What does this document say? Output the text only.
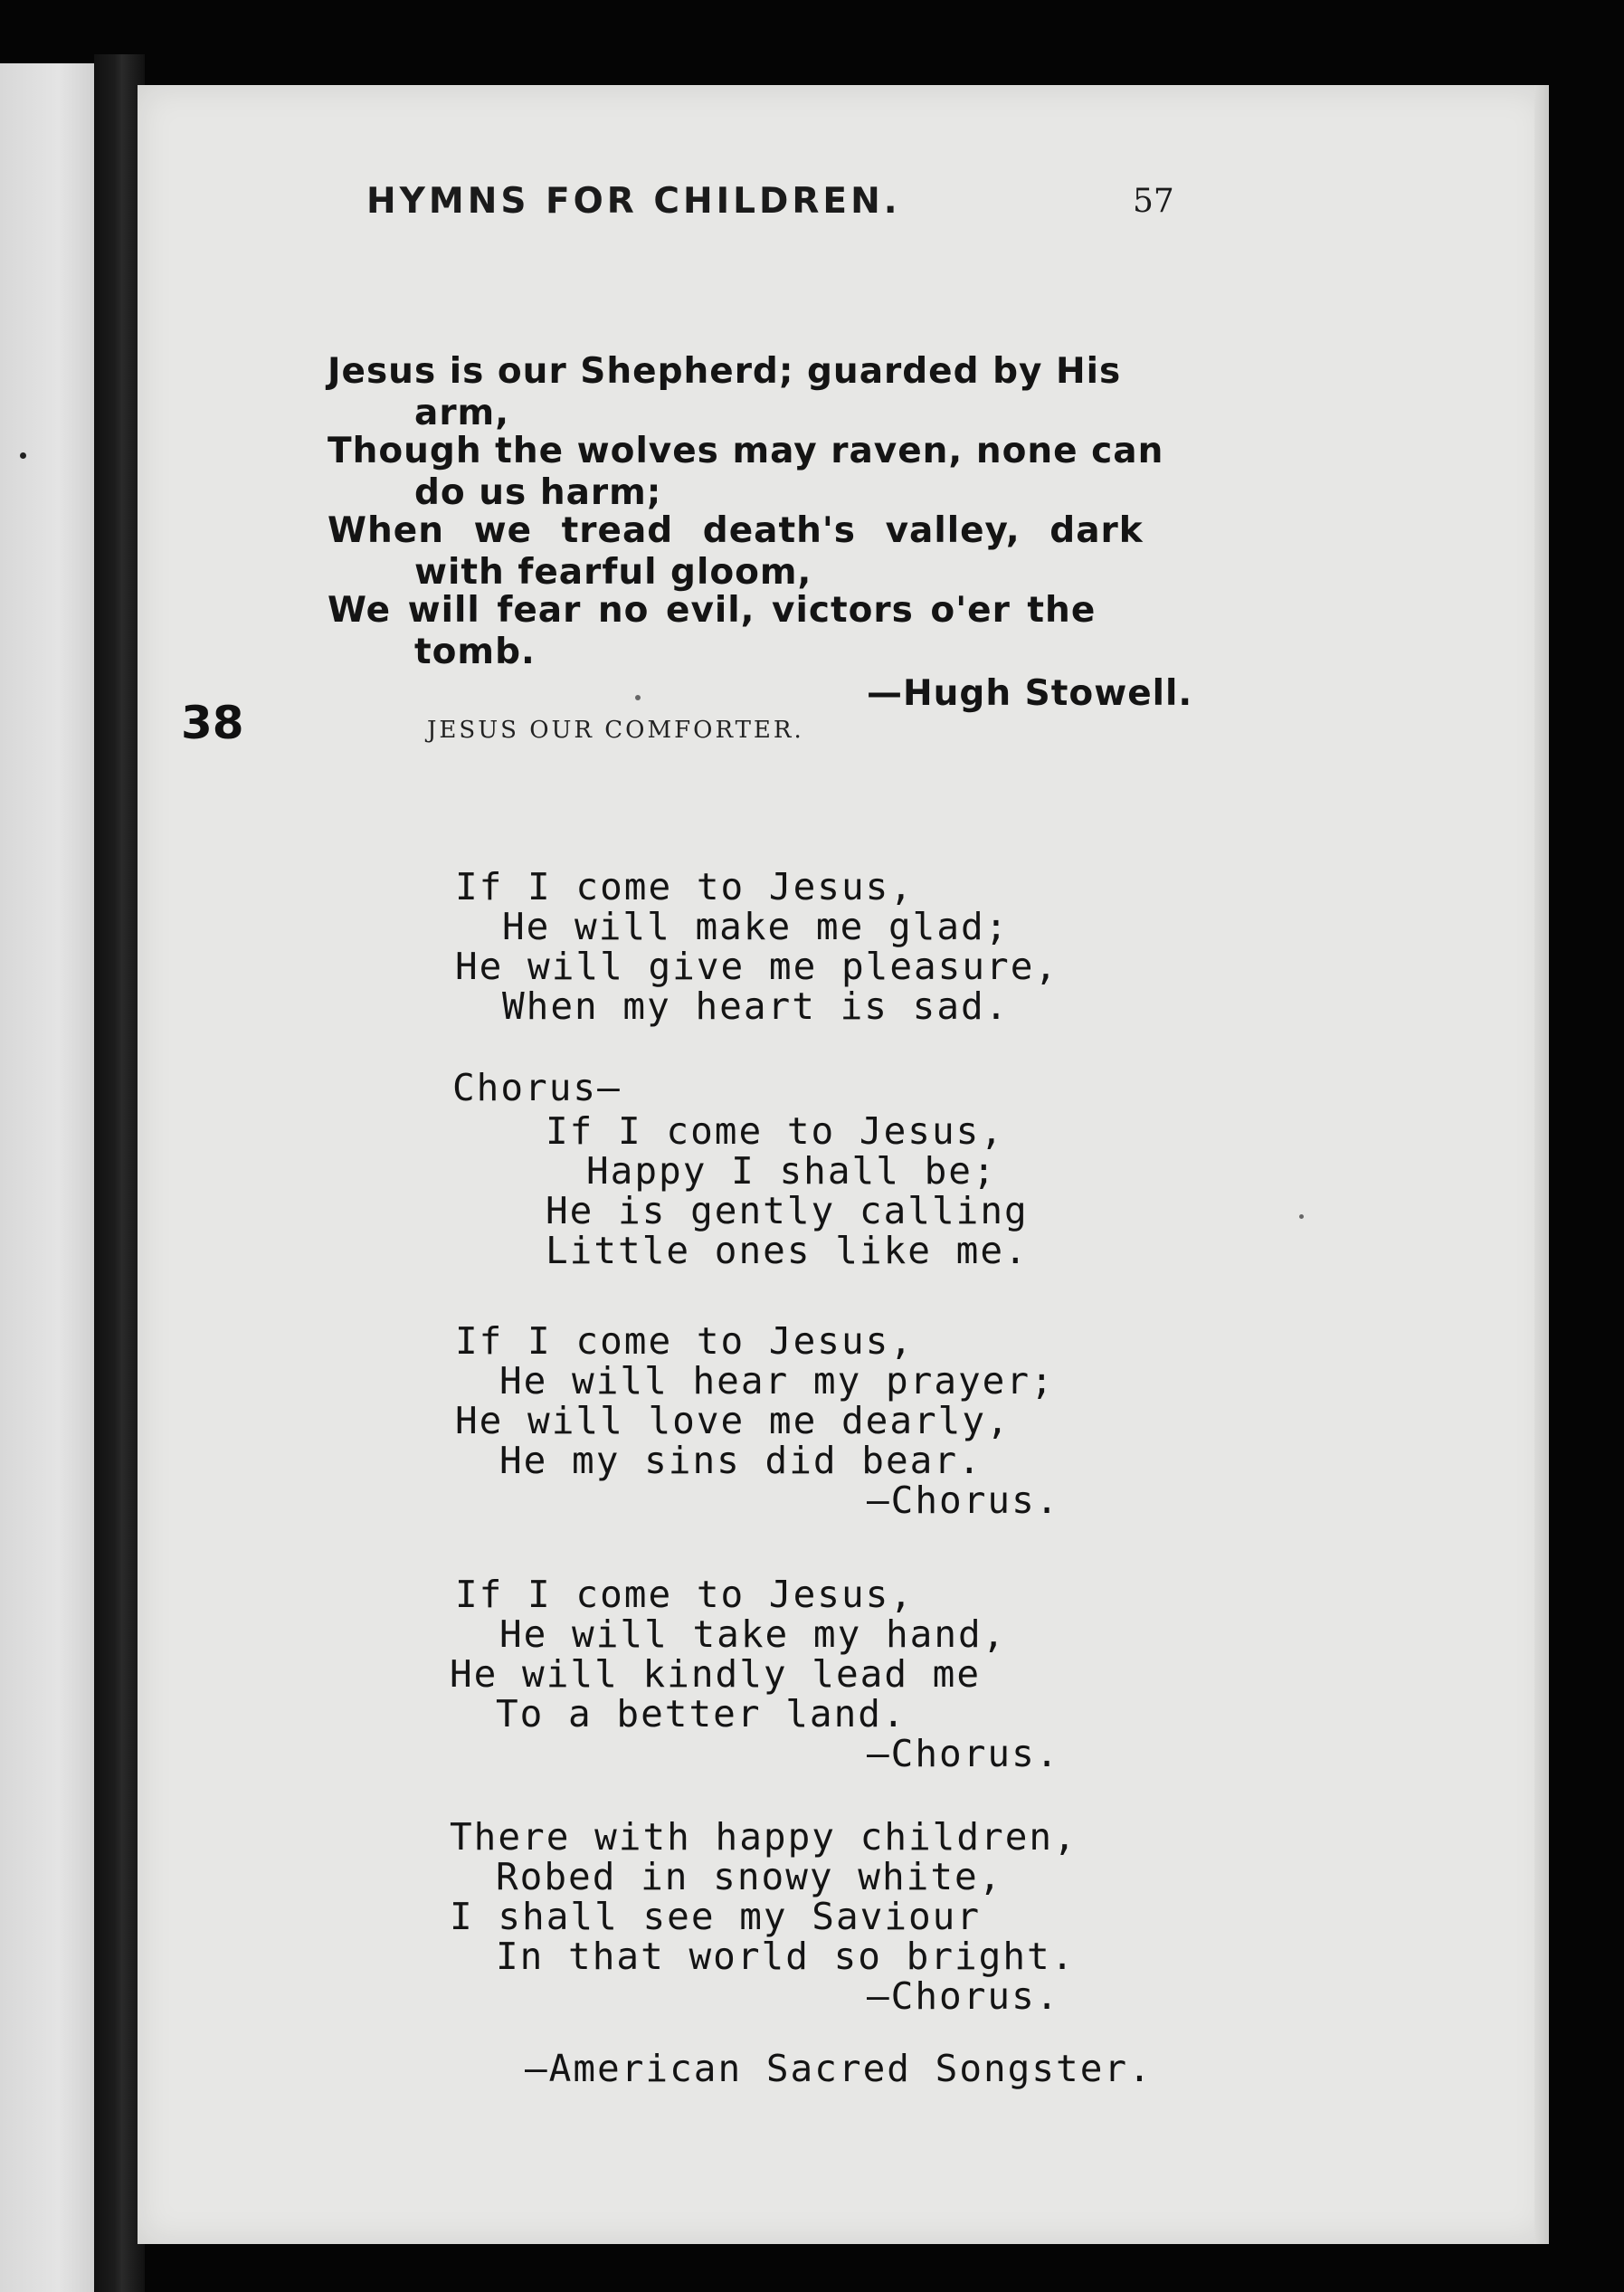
HYMNS FOR CHILDREN.	57
Jesus is our Shepherd; guarded by His
arm,
Though the wolves may raven, none can
do us harm;
When we tread death's valley, dark
with fearful gloom,
We will fear no evil, victors o'er the
tomb.
—Hugh Stowell.
38	JESUS OUR COMFORTER.
If I come to Jesus,
He will make me glad;
He will give me pleasure,
When my heart is sad.
Chorus—
If I come to Jesus,
Happy I shall be;
He is gently calling
Little ones like me.
If I come to Jesus,
He will hear my prayer;
He will love me dearly,
He my sins did bear.
—Chorus.
If I come to Jesus,
He will take my hand,
He will kindly lead me
To a better land.
—Chorus.
There with happy children,
Robed in snowy white,
I shall see my Saviour
In that world so bright.
—Chorus.
—American Sacred Songster.
